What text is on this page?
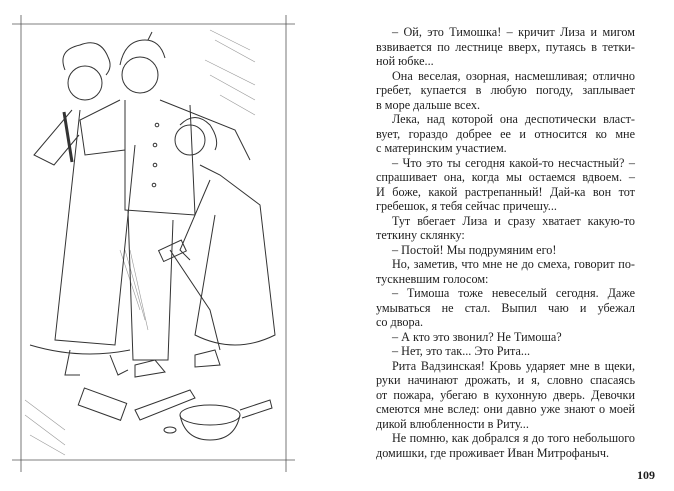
– Ой, это Тимошка! – кричит Лиза и мигом
взвивается по лестнице вверх, путаясь в тетки-
ной юбке...
Она веселая, озорная, насмешливая; отлично
гребет, купается в любую погоду, заплывает
в море дальше всех.
Лека, над которой она деспотически власт-
вует, гораздо добрее ее и относится ко мне
с материнским участием.
– Что это ты сегодня какой-то несчастный? –
спрашивает она, когда мы остаемся вдвоем. –
И боже, какой растрепанный! Дай-ка вон тот
гребешок, я тебя сейчас причешу...
Тут вбегает Лиза и сразу хватает какую-то
теткину склянку:
– Постой! Мы подрумяним его!
Но, заметив, что мне не до смеха, говорит по-
тускневшим голосом:
– Тимоша тоже невеселый сегодня. Даже
умываться не стал. Выпил чаю и убежал
со двора.
– А кто это звонил? Не Тимоша?
– Нет, это так... Это Рита...
Рита Вадзинская! Кровь ударяет мне в щеки,
руки начинают дрожать, и я, словно спасаясь
от пожара, убегаю в кухонную дверь. Девочки
смеются мне вслед: они давно уже знают о моей
дикой влюбленности в Риту...
Не помню, как добрался я до того небольшого
домишки, где проживает Иван Митрофаныч.
109
